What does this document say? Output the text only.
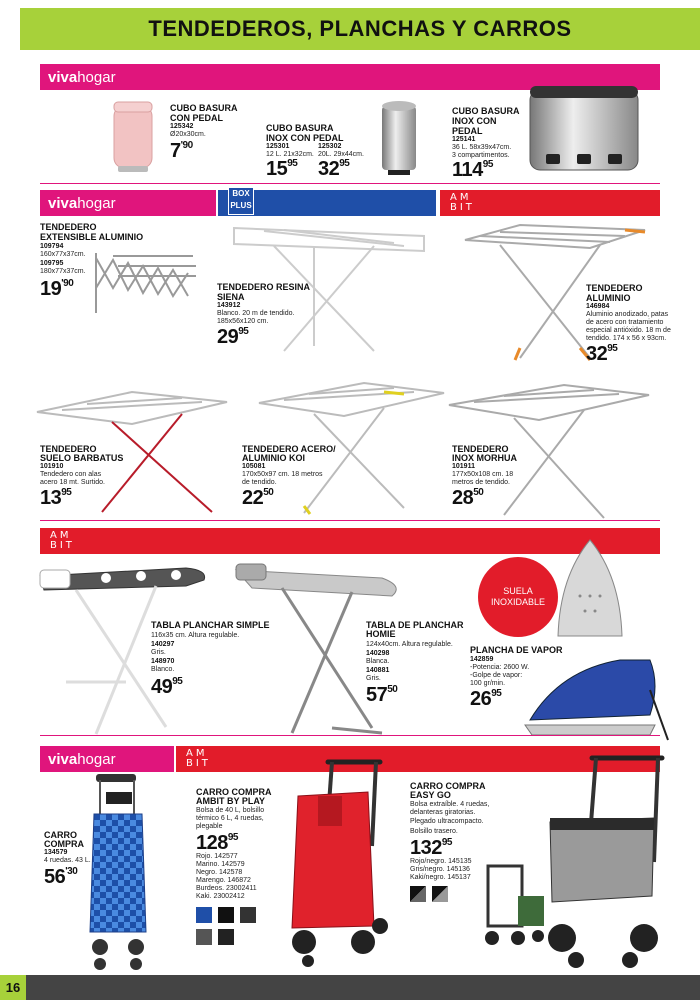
TENDEDEROS, PLANCHAS Y CARROS
vivahogar
CUBO BASURA CON PEDAL
125342
Ø20x30cm.
$7^{'90}$
CUBO BASURA INOX CON PEDAL
125301
12 L. 21x32cm.
$15^{95}$
125302
20L. 29x44cm.
$32^{95}$
CUBO BASURA INOX CON PEDAL
125141
36 L. 58x39x47cm.
3 compartimentos.
$114^{95}$
vivahogar
BOX
PLUS
AM
BIT
TENDEDERO EXTENSIBLE ALUMINIO
109794
160x77x37cm.
109795
180x77x37cm.
$19^{'90}$	TENDEDERO RESINA SIENA
143912
Blanco. 20 m de tendido.
185x56x120 cm.
$29^{95}$
TENDEDERO ALUMINIO
146984
Aluminio anodizado, patas
de acero con tratamiento
especial antióxido. 18 m de
tendido. 174 x 56 x 93cm.
$32^{95}$
TENDEDERO
SUELO BARBATUS
101910
Tendedero con alas
acero 18 mt. Surtido.
$13^{95}$
TENDEDERO ACERO/
ALUMINIO KOI
105081
170x50x97 cm. 18 metros
de tendido.
$22^{50}$
TENDEDERO
INOX MORHUA
101911
177x50x108 cm. 18
metros de tendido.
$28^{50}$
AM
BIT
TABLA PLANCHAR SIMPLE
116x35 cm. Altura regulable.
140297
Gris.
148970
Blanco.
$49^{95}$
TABLA DE PLANCHAR
HOMIE
124x40cm. Altura regulable.
140298
Blanca.
140881
Gris.
$57^{50}$
SUELA
INOXIDABLE
PLANCHA DE VAPOR
142859
-Potencia: 2600 W.
-Golpe de vapor:
100 gr/min.
$26^{95}$
vivahogar	AM
BIT
CARRO
COMPRA
134579
4 ruedas. 43 L.
$56^{'30}$
CARRO COMPRA
AMBIT BY PLAY
Bolsa de 40 L, bolsillo
térmico 6 L, 4 ruedas,
plegable
$128^{95}$
Rojo. 142577
Marino. 142579
Negro. 142578
Marengo. 146872
Burdeos. 23002411
Kaki. 23002412
CARRO COMPRA
EASY GO
Bolsa extraíble. 4 ruedas,
delanteras giratorias.
Plegado ultracompacto.
Bolsillo trasero.
$132^{95}$
Rojo/negro. 145135
Gris/negro. 145136
Kaki/negro. 145137
16
